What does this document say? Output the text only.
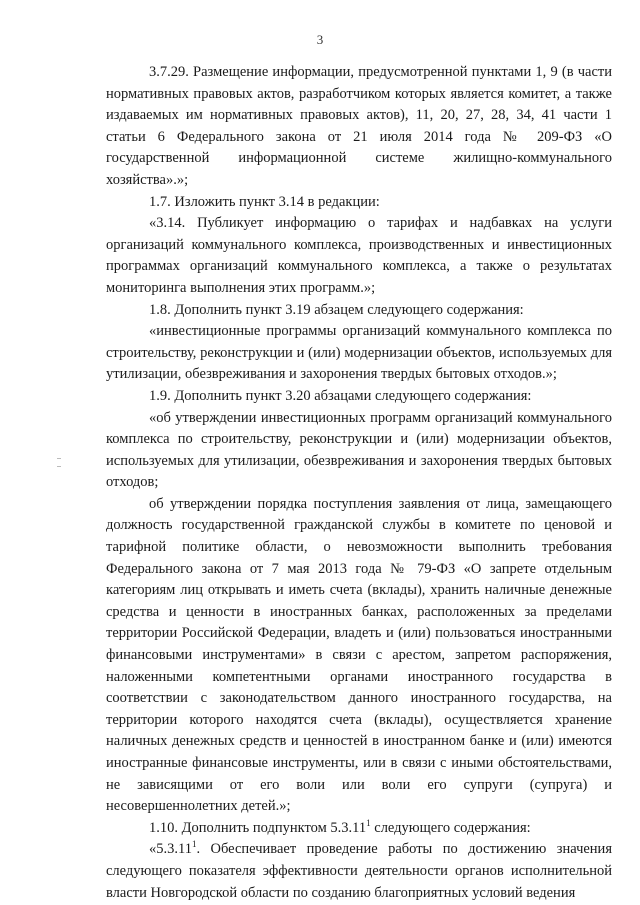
3

3.7.29. Размещение информации, предусмотренной пунктами 1, 9 (в части нормативных правовых актов, разработчиком которых является комитет, а также издаваемых им нормативных правовых актов), 11, 20, 27, 28, 34, 41 части 1 статьи 6 Федерального закона от 21 июля 2014 года № 209-ФЗ «О государственной информационной системе жилищно-коммунального хозяйства».»;

1.7. Изложить пункт 3.14 в редакции:

«3.14. Публикует информацию о тарифах и надбавках на услуги организаций коммунального комплекса, производственных и инвестиционных программах организаций коммунального комплекса, а также о результатах мониторинга выполнения этих программ.»;

1.8. Дополнить пункт 3.19 абзацем следующего содержания:

«инвестиционные программы организаций коммунального комплекса по строительству, реконструкции и (или) модернизации объектов, используемых для утилизации, обезвреживания и захоронения твердых бытовых отходов.»;

1.9. Дополнить пункт 3.20 абзацами следующего содержания:

«об утверждении инвестиционных программ организаций коммунального комплекса по строительству, реконструкции и (или) модернизации объектов, используемых для утилизации, обезвреживания и захоронения твердых бытовых отходов;

об утверждении порядка поступления заявления от лица, замещающего должность государственной гражданской службы в комитете по ценовой и тарифной политике области, о невозможности выполнить требования Федерального закона от 7 мая 2013 года № 79-ФЗ «О запрете отдельным категориям лиц открывать и иметь счета (вклады), хранить наличные денежные средства и ценности в иностранных банках, расположенных за пределами территории Российской Федерации, владеть и (или) пользоваться иностранными финансовыми инструментами» в связи с арестом, запретом распоряжения, наложенными компетентными органами иностранного государства в соответствии с законодательством данного иностранного государства, на территории которого находятся счета (вклады), осуществляется хранение наличных денежных средств и ценностей в иностранном банке и (или) имеются иностранные финансовые инструменты, или в связи с иными обстоятельствами, не зависящими от его воли или воли его супруги (супруга) и несовершеннолетних детей.»;

1.10. Дополнить подпунктом 5.3.11$^1$ следующего содержания:

«5.3.11$^1$. Обеспечивает проведение работы по достижению значения следующего показателя эффективности деятельности органов исполнительной власти Новгородской области по созданию благоприятных условий ведения
